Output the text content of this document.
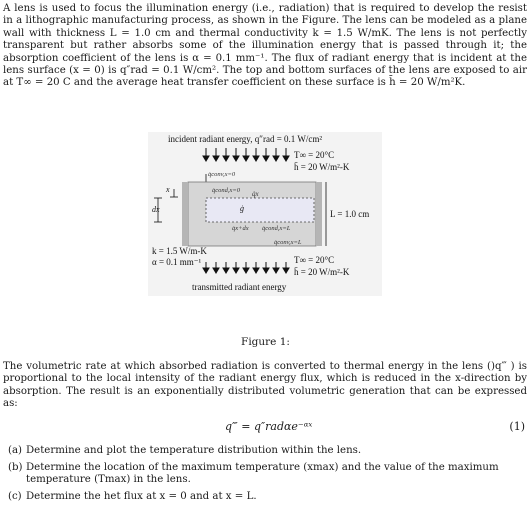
A lens is used to focus the illumination energy (i.e., radiation) that is required to develop the resist in a lithographic manufacturing process, as shown in the Figure. The lens can be modeled as a plane wall with thickness L = 1.0 cm and thermal conductivity k = 1.5 W/mK. The lens is not perfectly transparent but rather absorbs some of the illumination energy that is passed through it; the absorption coefficient of the lens is α = 0.1 mm⁻¹. The flux of radiant energy that is incident at the lens surface (x = 0) is q″rad = 0.1 W/cm². The top and bottom surfaces of the lens are exposed to air at T∞ = 20 C and the average heat transfer coefficient on these surface is h̄ = 20 W/m²K.
incident radiant energy, q″rad = 0.1 W/cm²
T∞ = 20°C
h̄ = 20 W/m²-K
q̇conv,x=0
q̇cond,x=0 q̇x
ġ
q̇x+dx q̇cond,x=L
x
dx	L = 1.0 cm
q̇conv,x=L
k = 1.5 W/m-K
α = 0.1 mm⁻¹	T∞ = 20°C
h̄ = 20 W/m²-K
transmitted radiant energy
Figure 1:
The volumetric rate at which absorbed radiation is converted to thermal energy in the lens ()q‴ ) is proportional to the local intensity of the radiant energy flux, which is reduced in the x-direction by absorption. The result is an exponentially distributed volumetric generation that can be expressed as:
q‴ = q″radαe⁻ᵅˣ	(1)
(a) Determine and plot the temperature distribution within the lens.
(b) Determine the location of the maximum temperature (xmax) and the value of the maximum temperature (Tmax) in the lens.
(c) Determine the het flux at x = 0 and at x = L.
